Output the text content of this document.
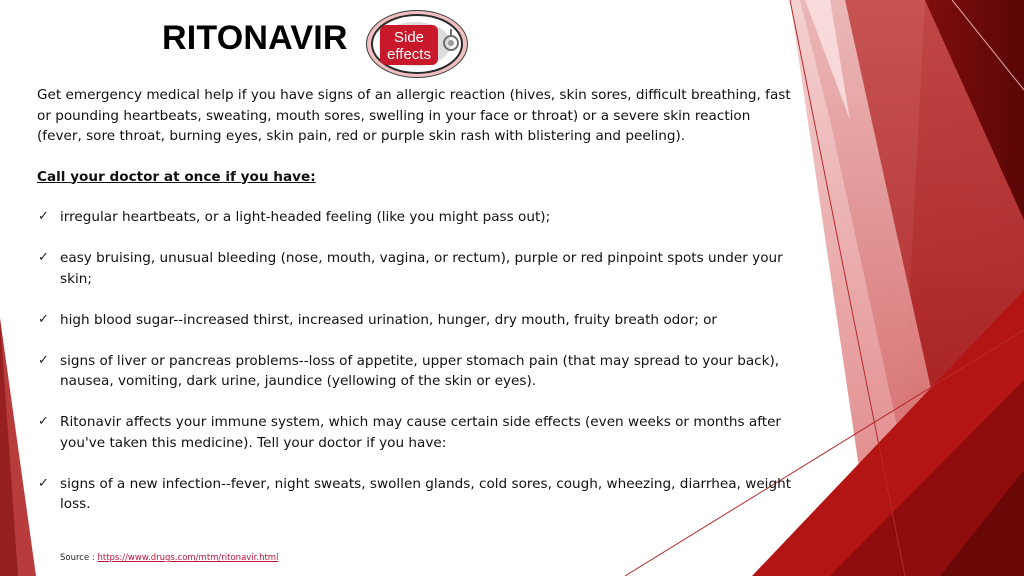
RITONAVIR	Side
effects

Get emergency medical help if you have signs of an allergic reaction (hives, skin sores, difficult breathing, fast or pounding heartbeats, sweating, mouth sores, swelling in your face or throat) or a severe skin reaction (fever, sore throat, burning eyes, skin pain, red or purple skin rash with blistering and peeling).

Call your doctor at once if you have:

✓ irregular heartbeats, or a light-headed feeling (like you might pass out);
✓ easy bruising, unusual bleeding (nose, mouth, vagina, or rectum), purple or red pinpoint spots under your skin;
✓ high blood sugar--increased thirst, increased urination, hunger, dry mouth, fruity breath odor; or
✓ signs of liver or pancreas problems--loss of appetite, upper stomach pain (that may spread to your back), nausea, vomiting, dark urine, jaundice (yellowing of the skin or eyes).
✓ Ritonavir affects your immune system, which may cause certain side effects (even weeks or months after you've taken this medicine). Tell your doctor if you have:
✓ signs of a new infection--fever, night sweats, swollen glands, cold sores, cough, wheezing, diarrhea, weight loss.
Source : https://www.drugs.com/mtm/ritonavir.html
